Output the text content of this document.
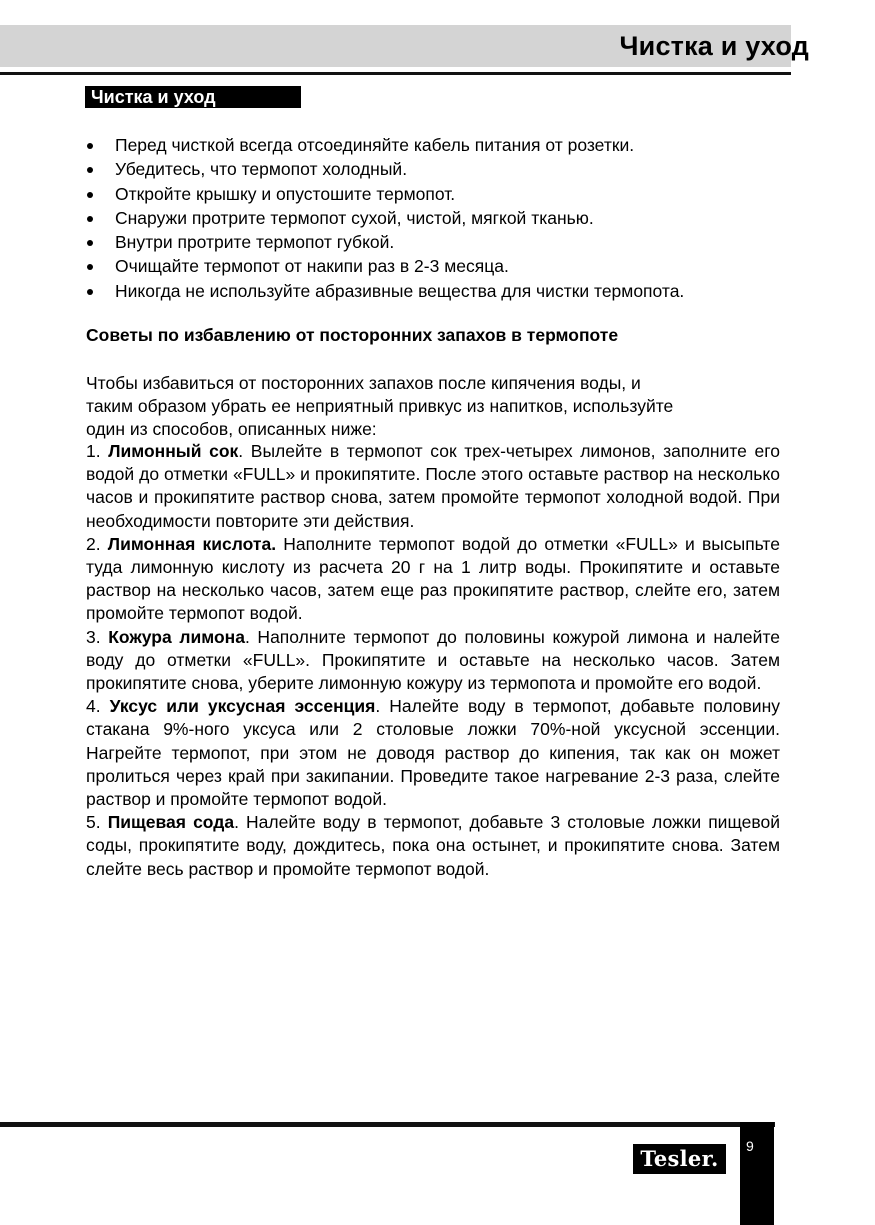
Чистка и уход
Чистка и уход
Перед чисткой всегда отсоединяйте кабель питания от розетки.
Убедитесь, что термопот холодный.
Откройте крышку и опустошите термопот.
Снаружи протрите термопот сухой, чистой, мягкой тканью.
Внутри протрите термопот губкой.
Очищайте термопот от накипи раз в 2-3 месяца.
Никогда не используйте абразивные вещества для чистки термопота.
Советы по избавлению от посторонних запахов в термопоте
Чтобы избавиться от посторонних запахов после кипячения воды, и
таким образом убрать ее неприятный привкус из напитков, используйте
один из способов, описанных ниже:

1. Лимонный сок. Вылейте в термопот сок трех-четырех лимонов, заполните его водой до отметки «FULL» и прокипятите. После этого оставьте раствор на несколько часов и прокипятите раствор снова, затем промойте термопот холодной водой. При необходимости повторите эти действия.

2. Лимонная кислота. Наполните термопот водой до отметки «FULL» и высыпьте туда лимонную кислоту из расчета 20 г на 1 литр воды. Прокипятите и оставьте раствор на несколько часов, затем еще раз прокипятите раствор, слейте его, затем промойте термопот водой.

3. Кожура лимона. Наполните термопот до половины кожурой лимона и налейте воду до отметки «FULL». Прокипятите и оставьте на несколько часов. Затем прокипятите снова, уберите лимонную кожуру из термопота и промойте его водой.

4. Уксус или уксусная эссенция. Налейте воду в термопот, добавьте половину стакана 9%-ного уксуса или 2 столовые ложки 70%-ной уксусной эссенции. Нагрейте термопот, при этом не доводя раствор до кипения, так как он может пролиться через край при закипании. Проведите такое нагревание 2-3 раза, слейте раствор и промойте термопот водой.

5. Пищевая сода. Налейте воду в термопот, добавьте 3 столовые ложки пищевой соды, прокипятите воду, дождитесь, пока она остынет, и прокипятите снова. Затем слейте весь раствор и промойте термопот водой.

9
Tesler.
